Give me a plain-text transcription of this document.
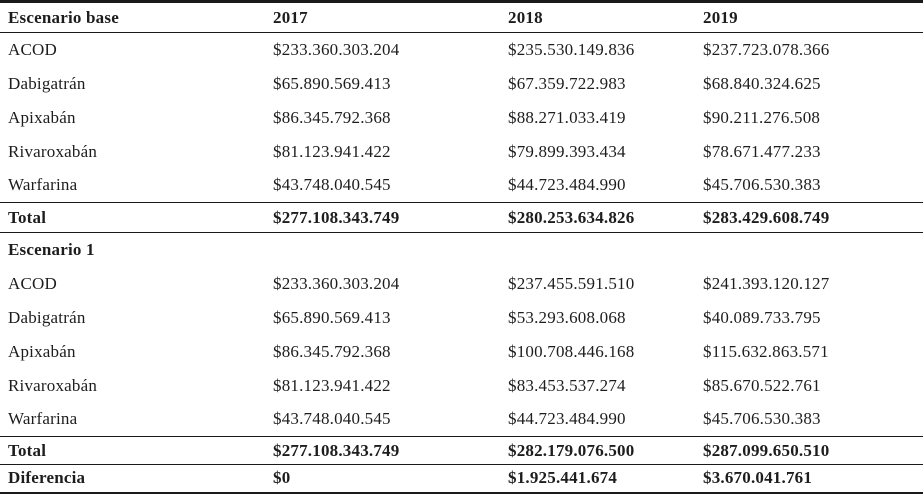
Escenario base	2017	2018	2019
ACOD	$233.360.303.204	$235.530.149.836	$237.723.078.366
Dabigatrán	$65.890.569.413	$67.359.722.983	$68.840.324.625
Apixabán	$86.345.792.368	$88.271.033.419	$90.211.276.508
Rivaroxabán	$81.123.941.422	$79.899.393.434	$78.671.477.233
Warfarina	$43.748.040.545	$44.723.484.990	$45.706.530.383
Total	$277.108.343.749	$280.253.634.826	$283.429.608.749
Escenario 1			
ACOD	$233.360.303.204	$237.455.591.510	$241.393.120.127
Dabigatrán	$65.890.569.413	$53.293.608.068	$40.089.733.795
Apixabán	$86.345.792.368	$100.708.446.168	$115.632.863.571
Rivaroxabán	$81.123.941.422	$83.453.537.274	$85.670.522.761
Warfarina	$43.748.040.545	$44.723.484.990	$45.706.530.383
Total	$277.108.343.749	$282.179.076.500	$287.099.650.510
Diferencia	$0	$1.925.441.674	$3.670.041.761
